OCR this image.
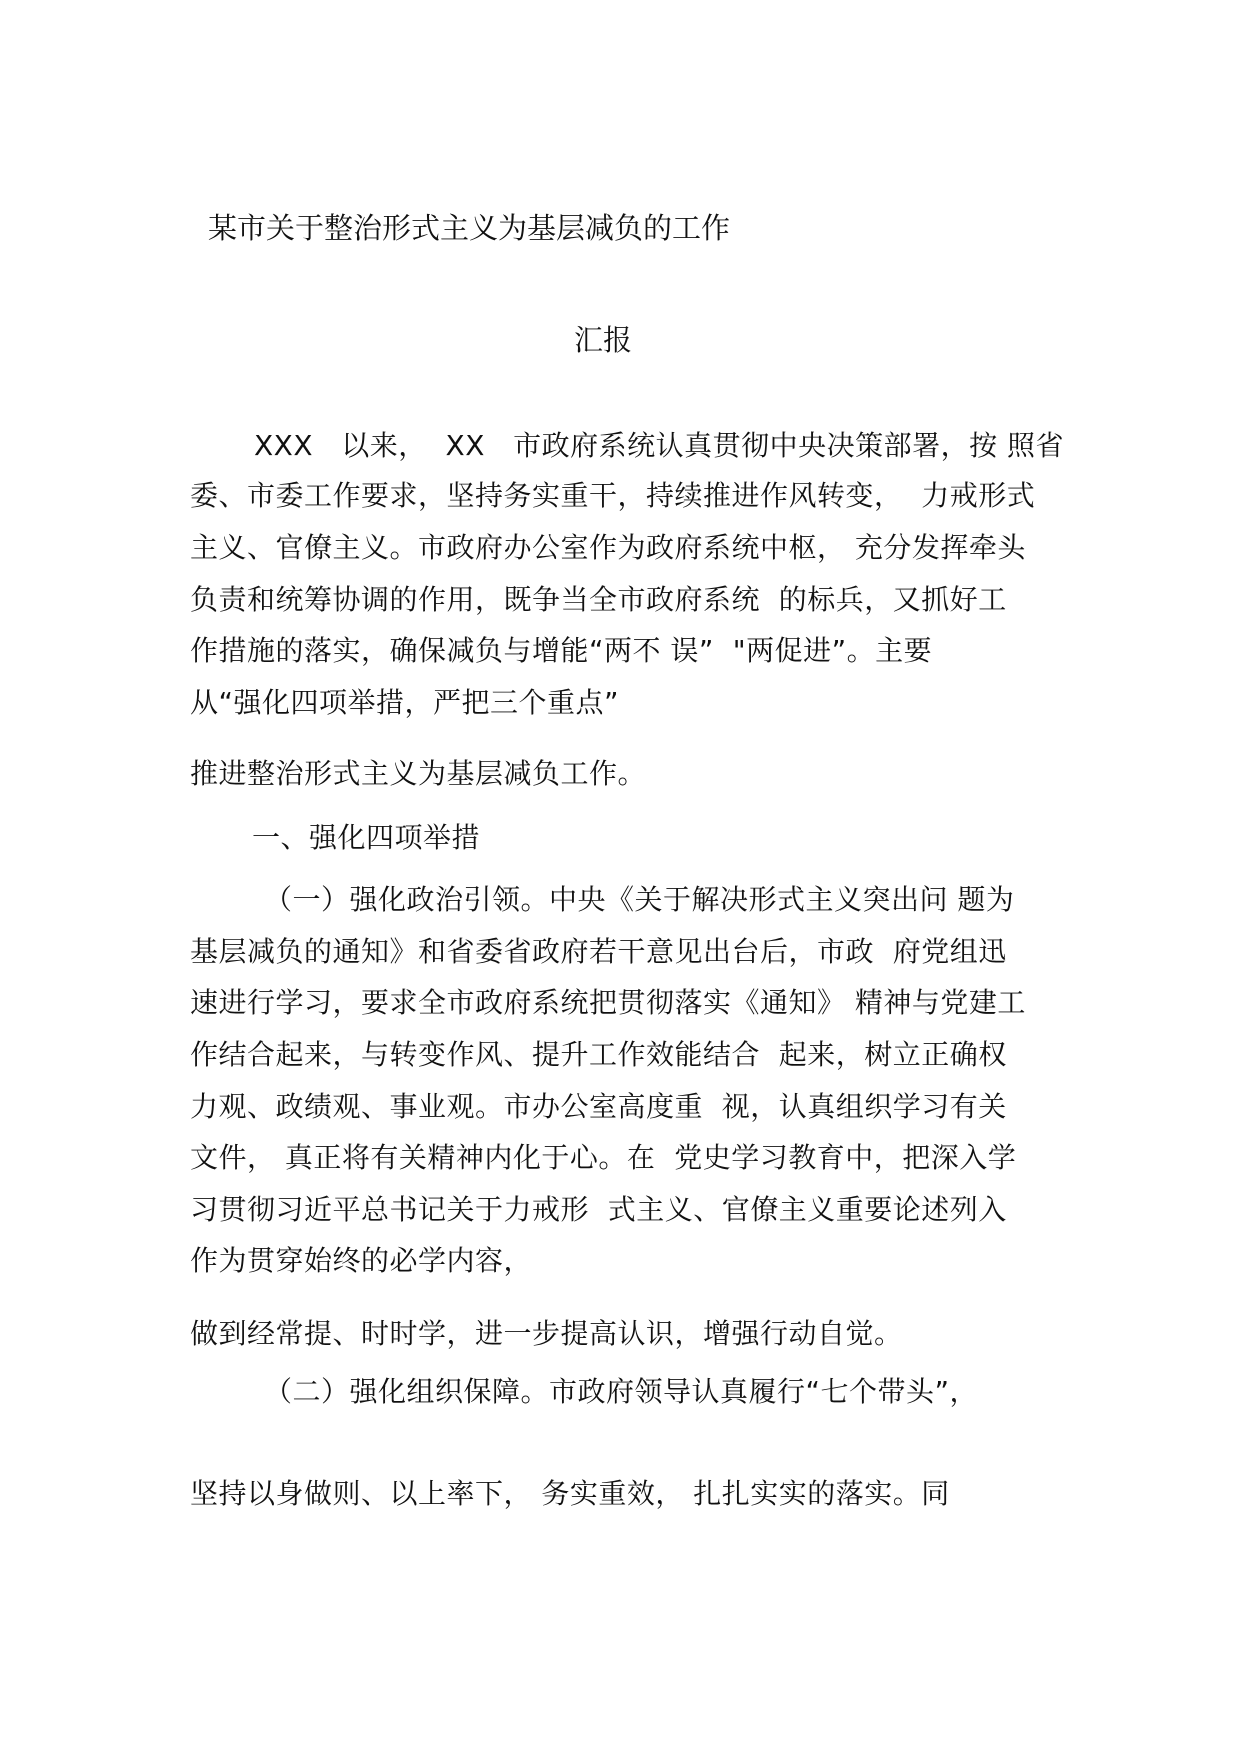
某市关于整治形式主义为基层减负的工作
汇报
XXX   以来，  XX   市政府系统认真贯彻中央决策部署，按 照省
委、市委工作要求，坚持务实重干，持续推进作风转变，  力戒形式
主义、官僚主义。市政府办公室作为政府系统中枢， 充分发挥牵头
负责和统筹协调的作用，既争当全市政府系统  的标兵，又抓好工
作措施的落实，确保减负与增能“两不 误”  "两促进”。主要
从“强化四项举措，严把三个重点”
推进整治形式主义为基层减负工作。
一、强化四项举措
（一）强化政治引领。中央《关于解决形式主义突出问 题为
基层减负的通知》和省委省政府若干意见出台后，市政  府党组迅
速进行学习，要求全市政府系统把贯彻落实《通知》 精神与党建工
作结合起来，与转变作风、提升工作效能结合  起来，树立正确权
力观、政绩观、事业观。市办公室高度重  视，认真组织学习有关
文件， 真正将有关精神内化于心。在  党史学习教育中，把深入学
习贯彻习近平总书记关于力戒形  式主义、官僚主义重要论述列入
作为贯穿始终的必学内容，
做到经常提、时时学，进一步提高认识，增强行动自觉。
（二）强化组织保障。市政府领导认真履行“七个带头”，
坚持以身做则、以上率下， 务实重效， 扎扎实实的落实。同
